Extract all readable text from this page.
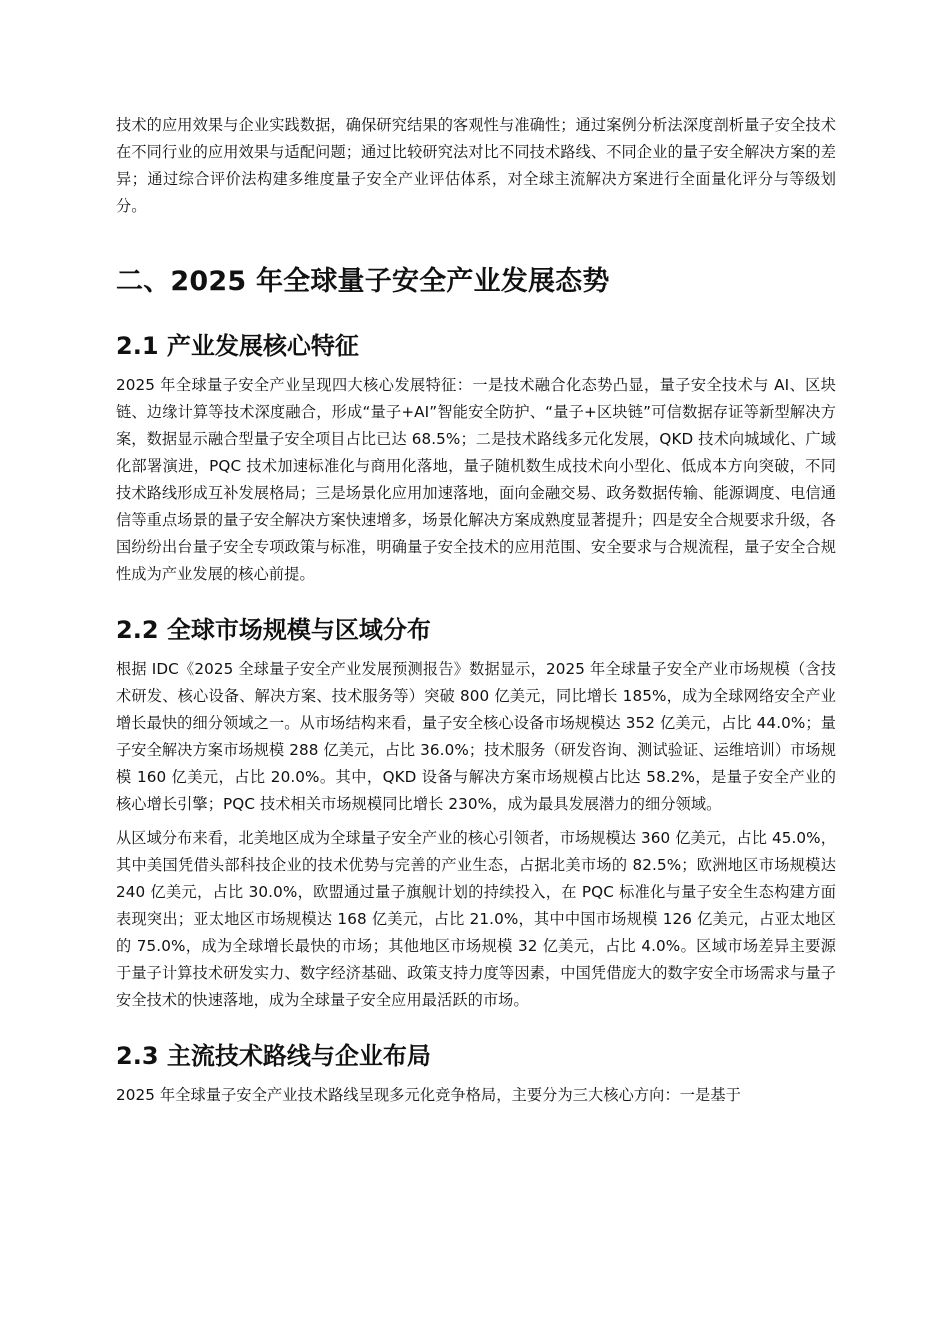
技术的应用效果与企业实践数据，确保研究结果的客观性与准确性；通过案例分析法深度剖析量子安全技术在不同行业的应用效果与适配问题；通过比较研究法对比不同技术路线、不同企业的量子安全解决方案的差异；通过综合评价法构建多维度量子安全产业评估体系，对全球主流解决方案进行全面量化评分与等级划分。

二、2025 年全球量子安全产业发展态势
2.1 产业发展核心特征

2025 年全球量子安全产业呈现四大核心发展特征：一是技术融合化态势凸显，量子安全技术与 AI、区块链、边缘计算等技术深度融合，形成“量子+AI”智能安全防护、“量子+区块链”可信数据存证等新型解决方案，数据显示融合型量子安全项目占比已达 68.5%；二是技术路线多元化发展，QKD 技术向城域化、广域化部署演进，PQC 技术加速标准化与商用化落地，量子随机数生成技术向小型化、低成本方向突破，不同技术路线形成互补发展格局；三是场景化应用加速落地，面向金融交易、政务数据传输、能源调度、电信通信等重点场景的量子安全解决方案快速增多，场景化解决方案成熟度显著提升；四是安全合规要求升级，各国纷纷出台量子安全专项政策与标准，明确量子安全技术的应用范围、安全要求与合规流程，量子安全合规性成为产业发展的核心前提。

2.2 全球市场规模与区域分布

根据 IDC《2025 全球量子安全产业发展预测报告》数据显示，2025 年全球量子安全产业市场规模（含技术研发、核心设备、解决方案、技术服务等）突破 800 亿美元，同比增长 185%，成为全球网络安全产业增长最快的细分领域之一。从市场结构来看，量子安全核心设备市场规模达 352 亿美元，占比 44.0%；量子安全解决方案市场规模 288 亿美元，占比 36.0%；技术服务（研发咨询、测试验证、运维培训）市场规模 160 亿美元，占比 20.0%。其中，QKD 设备与解决方案市场规模占比达 58.2%，是量子安全产业的核心增长引擎；PQC 技术相关市场规模同比增长 230%，成为最具发展潜力的细分领域。

从区域分布来看，北美地区成为全球量子安全产业的核心引领者，市场规模达 360 亿美元，占比 45.0%，其中美国凭借头部科技企业的技术优势与完善的产业生态，占据北美市场的 82.5%；欧洲地区市场规模达 240 亿美元，占比 30.0%，欧盟通过量子旗舰计划的持续投入，在 PQC 标准化与量子安全生态构建方面表现突出；亚太地区市场规模达 168 亿美元，占比 21.0%，其中中国市场规模 126 亿美元，占亚太地区的 75.0%，成为全球增长最快的市场；其他地区市场规模 32 亿美元，占比 4.0%。区域市场差异主要源于量子计算技术研发实力、数字经济基础、政策支持力度等因素，中国凭借庞大的数字安全市场需求与量子安全技术的快速落地，成为全球量子安全应用最活跃的市场。

2.3 主流技术路线与企业布局

2025 年全球量子安全产业技术路线呈现多元化竞争格局，主要分为三大核心方向：一是基于
